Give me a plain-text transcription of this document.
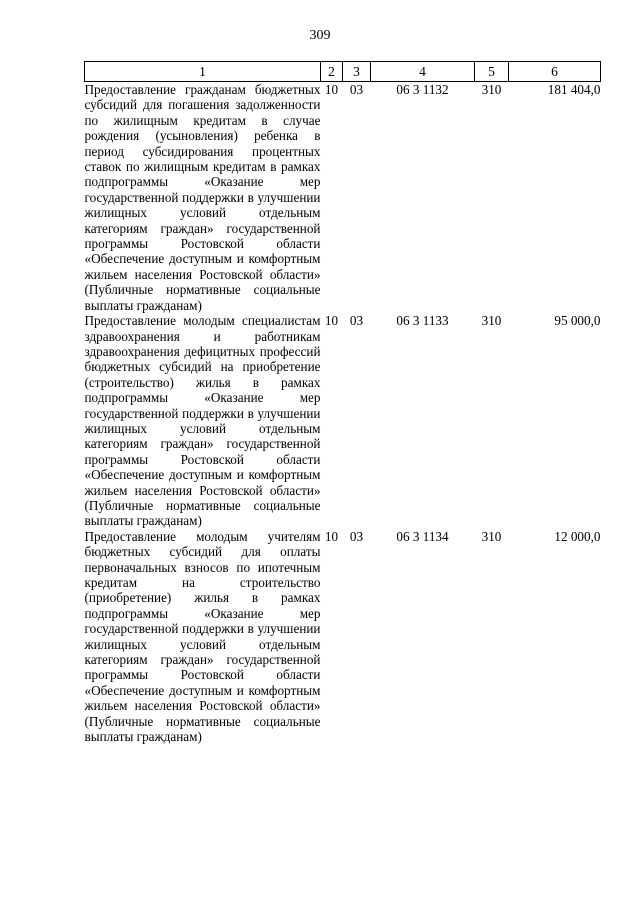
309
1	2	3	4	5	6
Предоставление гражданам бюджетных субсидий для погашения задолженности по жилищным кредитам в случае рождения (усыновления) ребенка в период субсидирования процентных ставок по жилищным кредитам в рамках подпрограммы «Оказание мер государственной поддержки в улучшении жилищных условий отдельным категориям граждан» государственной программы Ростовской области «Обеспечение доступным и комфортным жильем населения Ростовской области» (Публичные нормативные социальные выплаты гражданам)	10	03	06 3 1132	310	181 404,0
Предоставление молодым специалистам здравоохранения и работникам здравоохранения дефицитных профессий бюджетных субсидий на приобретение (строительство) жилья в рамках подпрограммы «Оказание мер государственной поддержки в улучшении жилищных условий отдельным категориям граждан» государственной программы Ростовской области «Обеспечение доступным и комфортным жильем населения Ростовской области» (Публичные нормативные социальные выплаты гражданам)	10	03	06 3 1133	310	95 000,0
Предоставление молодым учителям бюджетных субсидий для оплаты первоначальных взносов по ипотечным кредитам на строительство (приобретение) жилья в рамках подпрограммы «Оказание мер государственной поддержки в улучшении жилищных условий отдельным категориям граждан» государственной программы Ростовской области «Обеспечение доступным и комфортным жильем населения Ростовской области» (Публичные нормативные социальные выплаты гражданам)	10	03	06 3 1134	310	12 000,0
